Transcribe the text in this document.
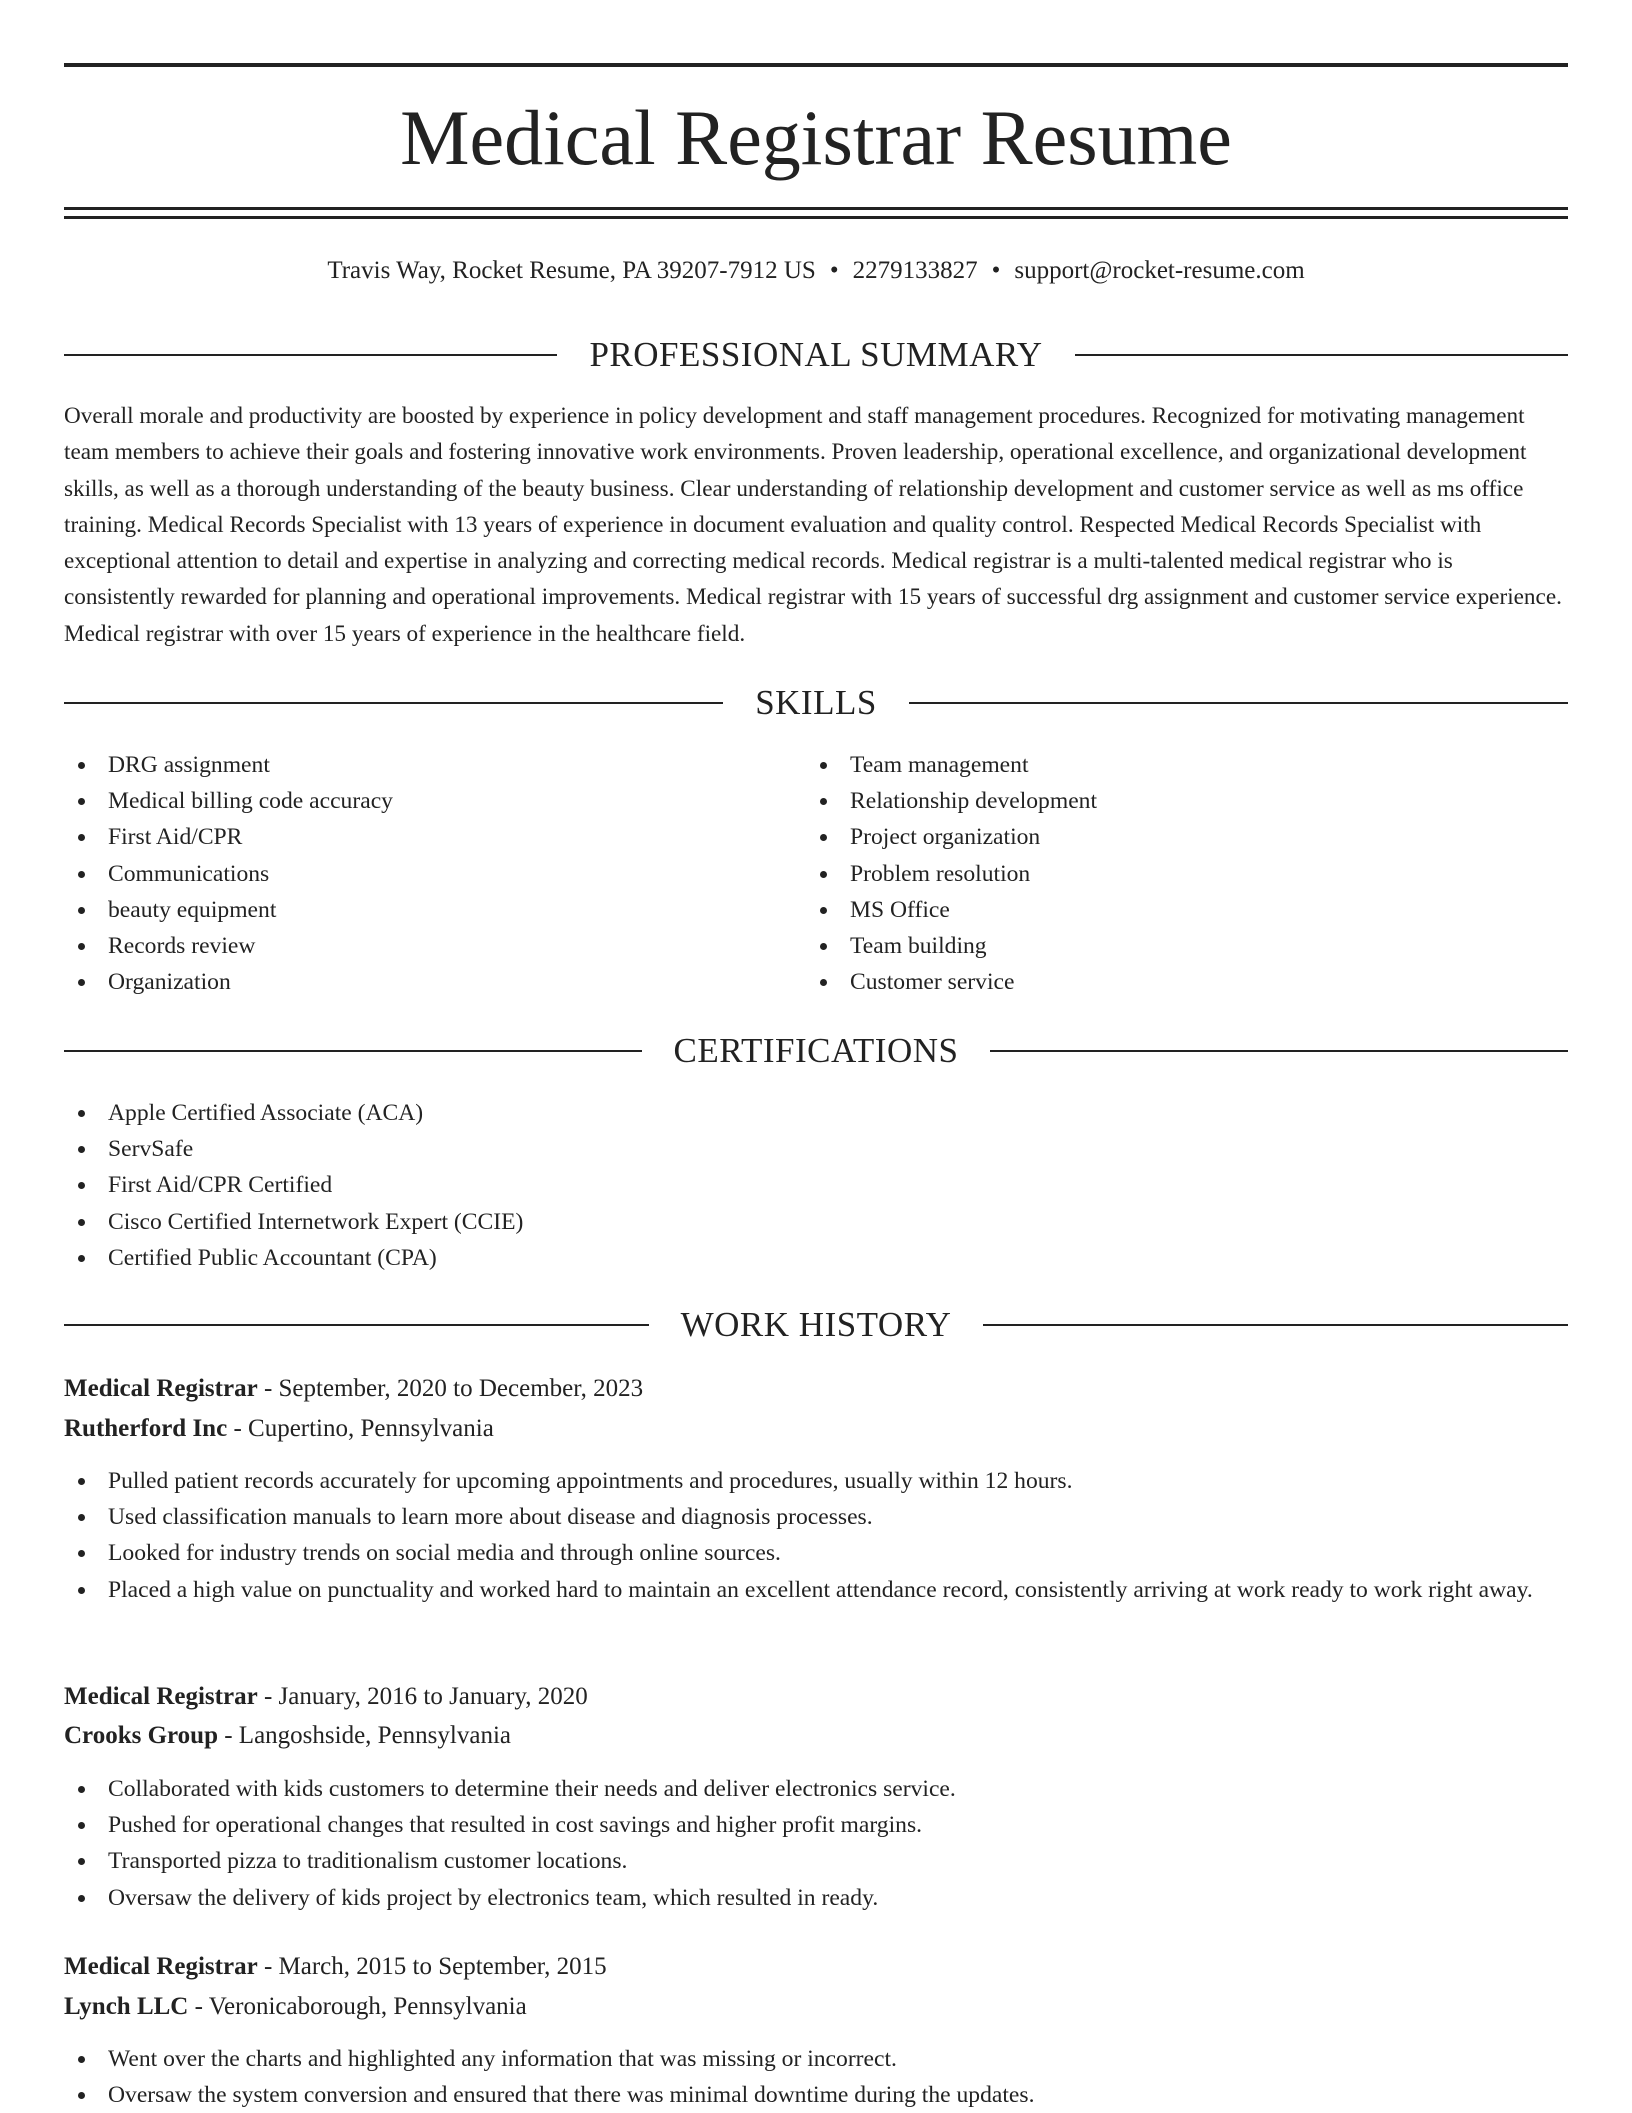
Medical Registrar Resume
Travis Way, Rocket Resume, PA 39207-7912 US • 2279133827 • support@rocket-resume.com
PROFESSIONAL SUMMARY

Overall morale and productivity are boosted by experience in policy development and staff management procedures. Recognized for motivating management team members to achieve their goals and fostering innovative work environments. Proven leadership, operational excellence, and organizational development skills, as well as a thorough understanding of the beauty business. Clear understanding of relationship development and customer service as well as ms office training. Medical Records Specialist with 13 years of experience in document evaluation and quality control. Respected Medical Records Specialist with exceptional attention to detail and expertise in analyzing and correcting medical records. Medical registrar is a multi-talented medical registrar who is consistently rewarded for planning and operational improvements. Medical registrar with 15 years of successful drg assignment and customer service experience. Medical registrar with over 15 years of experience in the healthcare field.

SKILLS
DRG assignment
Medical billing code accuracy
First Aid/CPR
Communications
beauty equipment
Records review
Organization
Team management
Relationship development
Project organization
Problem resolution
MS Office
Team building
Customer service
CERTIFICATIONS
Apple Certified Associate (ACA)
ServSafe
First Aid/CPR Certified
Cisco Certified Internetwork Expert (CCIE)
Certified Public Accountant (CPA)
WORK HISTORY
Medical Registrar - September, 2020 to December, 2023
Rutherford Inc - Cupertino, Pennsylvania
Pulled patient records accurately for upcoming appointments and procedures, usually within 12 hours.
Used classification manuals to learn more about disease and diagnosis processes.
Looked for industry trends on social media and through online sources.
Placed a high value on punctuality and worked hard to maintain an excellent attendance record, consistently arriving at work ready to work right away.
Medical Registrar - January, 2016 to January, 2020
Crooks Group - Langoshside, Pennsylvania
Collaborated with kids customers to determine their needs and deliver electronics service.
Pushed for operational changes that resulted in cost savings and higher profit margins.
Transported pizza to traditionalism customer locations.
Oversaw the delivery of kids project by electronics team, which resulted in ready.
Medical Registrar - March, 2015 to September, 2015
Lynch LLC - Veronicaborough, Pennsylvania
Went over the charts and highlighted any information that was missing or incorrect.
Oversaw the system conversion and ensured that there was minimal downtime during the updates.
